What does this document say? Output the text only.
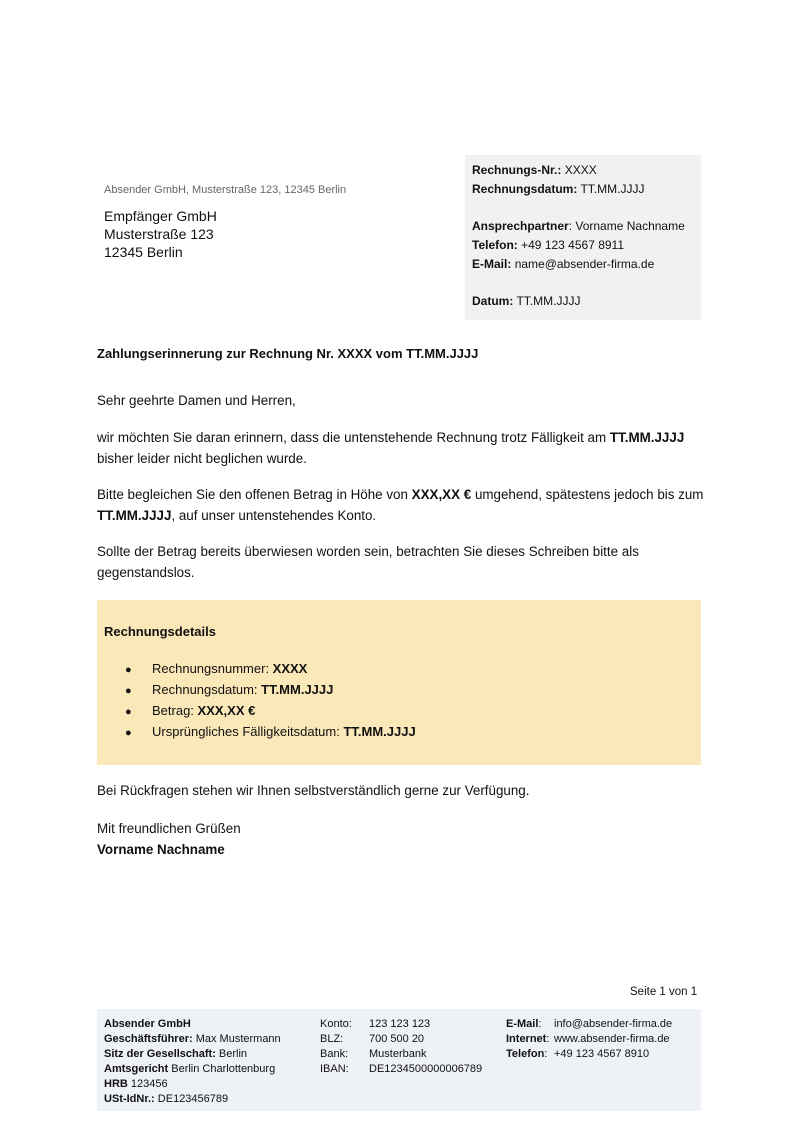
Absender GmbH, Musterstraße 123, 12345 Berlin
Empfänger GmbH
Musterstraße 123
12345 Berlin
Rechnungs-Nr.: XXXX
Rechnungsdatum: TT.MM.JJJJ
Ansprechpartner: Vorname Nachname
Telefon: +49 123 4567 8911
E-Mail: name@absender-firma.de
Datum: TT.MM.JJJJ
Zahlungserinnerung zur Rechnung Nr. XXXX vom TT.MM.JJJJ
Sehr geehrte Damen und Herren,
wir möchten Sie daran erinnern, dass die untenstehende Rechnung trotz Fälligkeit am TT.MM.JJJJ bisher leider nicht beglichen wurde.
Bitte begleichen Sie den offenen Betrag in Höhe von XXX,XX € umgehend, spätestens jedoch bis zum TT.MM.JJJJ, auf unser untenstehendes Konto.
Sollte der Betrag bereits überwiesen worden sein, betrachten Sie dieses Schreiben bitte als gegenstandslos.
Rechnungsdetails
● Rechnungsnummer: XXXX
● Rechnungsdatum: TT.MM.JJJJ
● Betrag: XXX,XX €
● Ursprüngliches Fälligkeitsdatum: TT.MM.JJJJ
Bei Rückfragen stehen wir Ihnen selbstverständlich gerne zur Verfügung.
Mit freundlichen Grüßen
Vorname Nachname
Seite 1 von 1
Absender GmbH
Geschäftsführer: Max Mustermann
Sitz der Gesellschaft: Berlin
Amtsgericht Berlin Charlottenburg
HRB 123456
USt-IdNr.: DE123456789
Konto: 123 123 123
BLZ: 700 500 20
Bank: Musterbank
IBAN: DE1234500000006789
E-Mail: info@absender-firma.de
Internet: www.absender-firma.de
Telefon: +49 123 4567 8910
